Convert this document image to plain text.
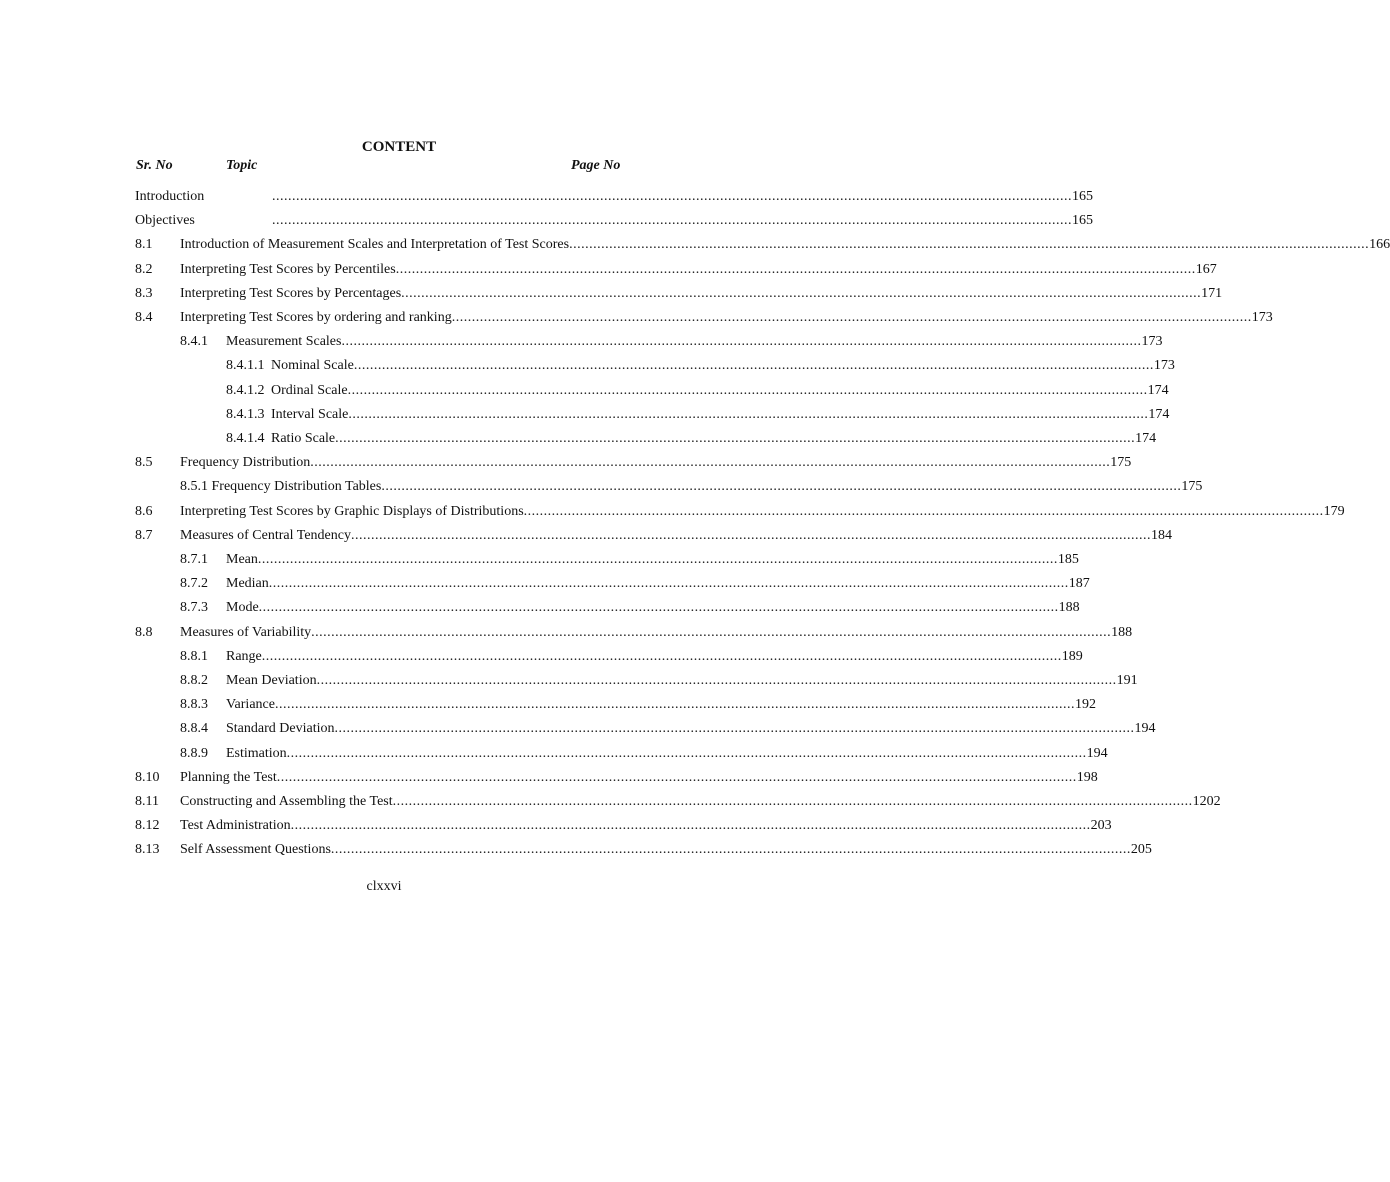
CONTENT
Sr. No	Topic	Page No
Introduction	........................................................................................................................................................................................................ 165
Objectives	........................................................................................................................................................................................................ 165
8.1 Introduction of Measurement Scales and Interpretation of Test Scores ........................................................................................................................................................................................................ 166
8.2 Interpreting Test Scores by Percentiles ........................................................................................................................................................................................................ 167
8.3 Interpreting Test Scores by Percentages ........................................................................................................................................................................................................ 171
8.4 Interpreting Test Scores by ordering and ranking ........................................................................................................................................................................................................ 173
8.4.1 Measurement Scales ........................................................................................................................................................................................................ 173
8.4.1.1 Nominal Scale ........................................................................................................................................................................................................ 173
8.4.1.2 Ordinal Scale ........................................................................................................................................................................................................ 174
8.4.1.3 Interval Scale ........................................................................................................................................................................................................ 174
8.4.1.4 Ratio Scale ........................................................................................................................................................................................................ 174
8.5 Frequency Distribution ........................................................................................................................................................................................................ 175
8.5.1 Frequency Distribution Tables ........................................................................................................................................................................................................ 175
8.6 Interpreting Test Scores by Graphic Displays of Distributions ........................................................................................................................................................................................................ 179
8.7 Measures of Central Tendency ........................................................................................................................................................................................................ 184
8.7.1 Mean ........................................................................................................................................................................................................ 185
8.7.2 Median ........................................................................................................................................................................................................ 187
8.7.3 Mode ........................................................................................................................................................................................................ 188
8.8 Measures of Variability ........................................................................................................................................................................................................ 188
8.8.1 Range ........................................................................................................................................................................................................ 189
8.8.2 Mean Deviation ........................................................................................................................................................................................................ 191
8.8.3 Variance ........................................................................................................................................................................................................ 192
8.8.4 Standard Deviation ........................................................................................................................................................................................................ 194
8.8.9 Estimation ........................................................................................................................................................................................................ 194
8.10 Planning the Test ........................................................................................................................................................................................................ 198
8.11 Constructing and Assembling the Test ........................................................................................................................................................................................................ 1202
8.12 Test Administration ........................................................................................................................................................................................................ 203
8.13 Self Assessment Questions ........................................................................................................................................................................................................ 205
clxxvi
